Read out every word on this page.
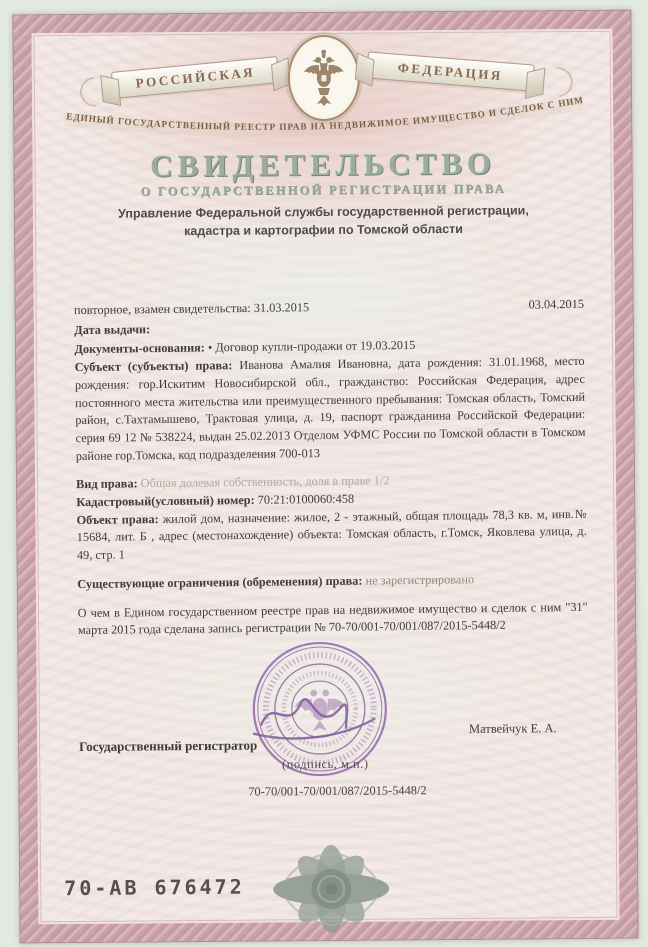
РОССИЙСКАЯ	ФЕДЕРАЦИЯ
ЕДИНЫЙ ГОСУДАРСТВЕННЫЙ РЕЕСТР ПРАВ НА НЕДВИЖИМОЕ ИМУЩЕСТВО И СДЕЛОК С НИМ
СВИДЕТЕЛЬСТВО
О ГОСУДАРСТВЕННОЙ РЕГИСТРАЦИИ ПРАВА
Управление Федеральной службы государственной регистрации,
кадастра и картографии по Томской области
повторное, взамен свидетельства: 31.03.2015	03.04.2015

Дата выдачи:

Документы-основания: • Договор купли-продажи от 19.03.2015

Субъект (субъекты) права: Иванова Амалия Ивановна, дата рождения: 31.01.1968, место рождения: гор.Искитим Новосибирской обл., гражданство: Российская Федерация, адрес постоянного места жительства или преимущественного пребывания: Томская область, Томский район, с.Тахтамышево, Трактовая улица, д. 19, паспорт гражданина Российской Федерации: серия 69 12 № 538224, выдан 25.02.2013 Отделом УФМС России по Томской области в Томском районе гор.Томска, код подразделения 700-013

Вид права: Общая долевая собственность, доля в праве 1/2

Кадастровый(условный) номер: 70:21:0100060:458

Объект права: жилой дом, назначение: жилое, 2 - этажный, общая площадь 78,3 кв. м, инв.№ 15684, лит. Б , адрес (местонахождение) объекта: Томская область, г.Томск, Яковлева улица, д. 49, стр. 1

Существующие ограничения (обременения) права: не зарегистрировано

О чем в Едином государственном реестре прав на недвижимое имущество и сделок с ним "31" марта 2015 года сделана запись регистрации № 70-70/001-70/001/087/2015-5448/2

Государственный регистратор
Матвейчук Е. А.
(подпись, м.п.)
70-70/001-70/001/087/2015-5448/2
70-АВ 676472
